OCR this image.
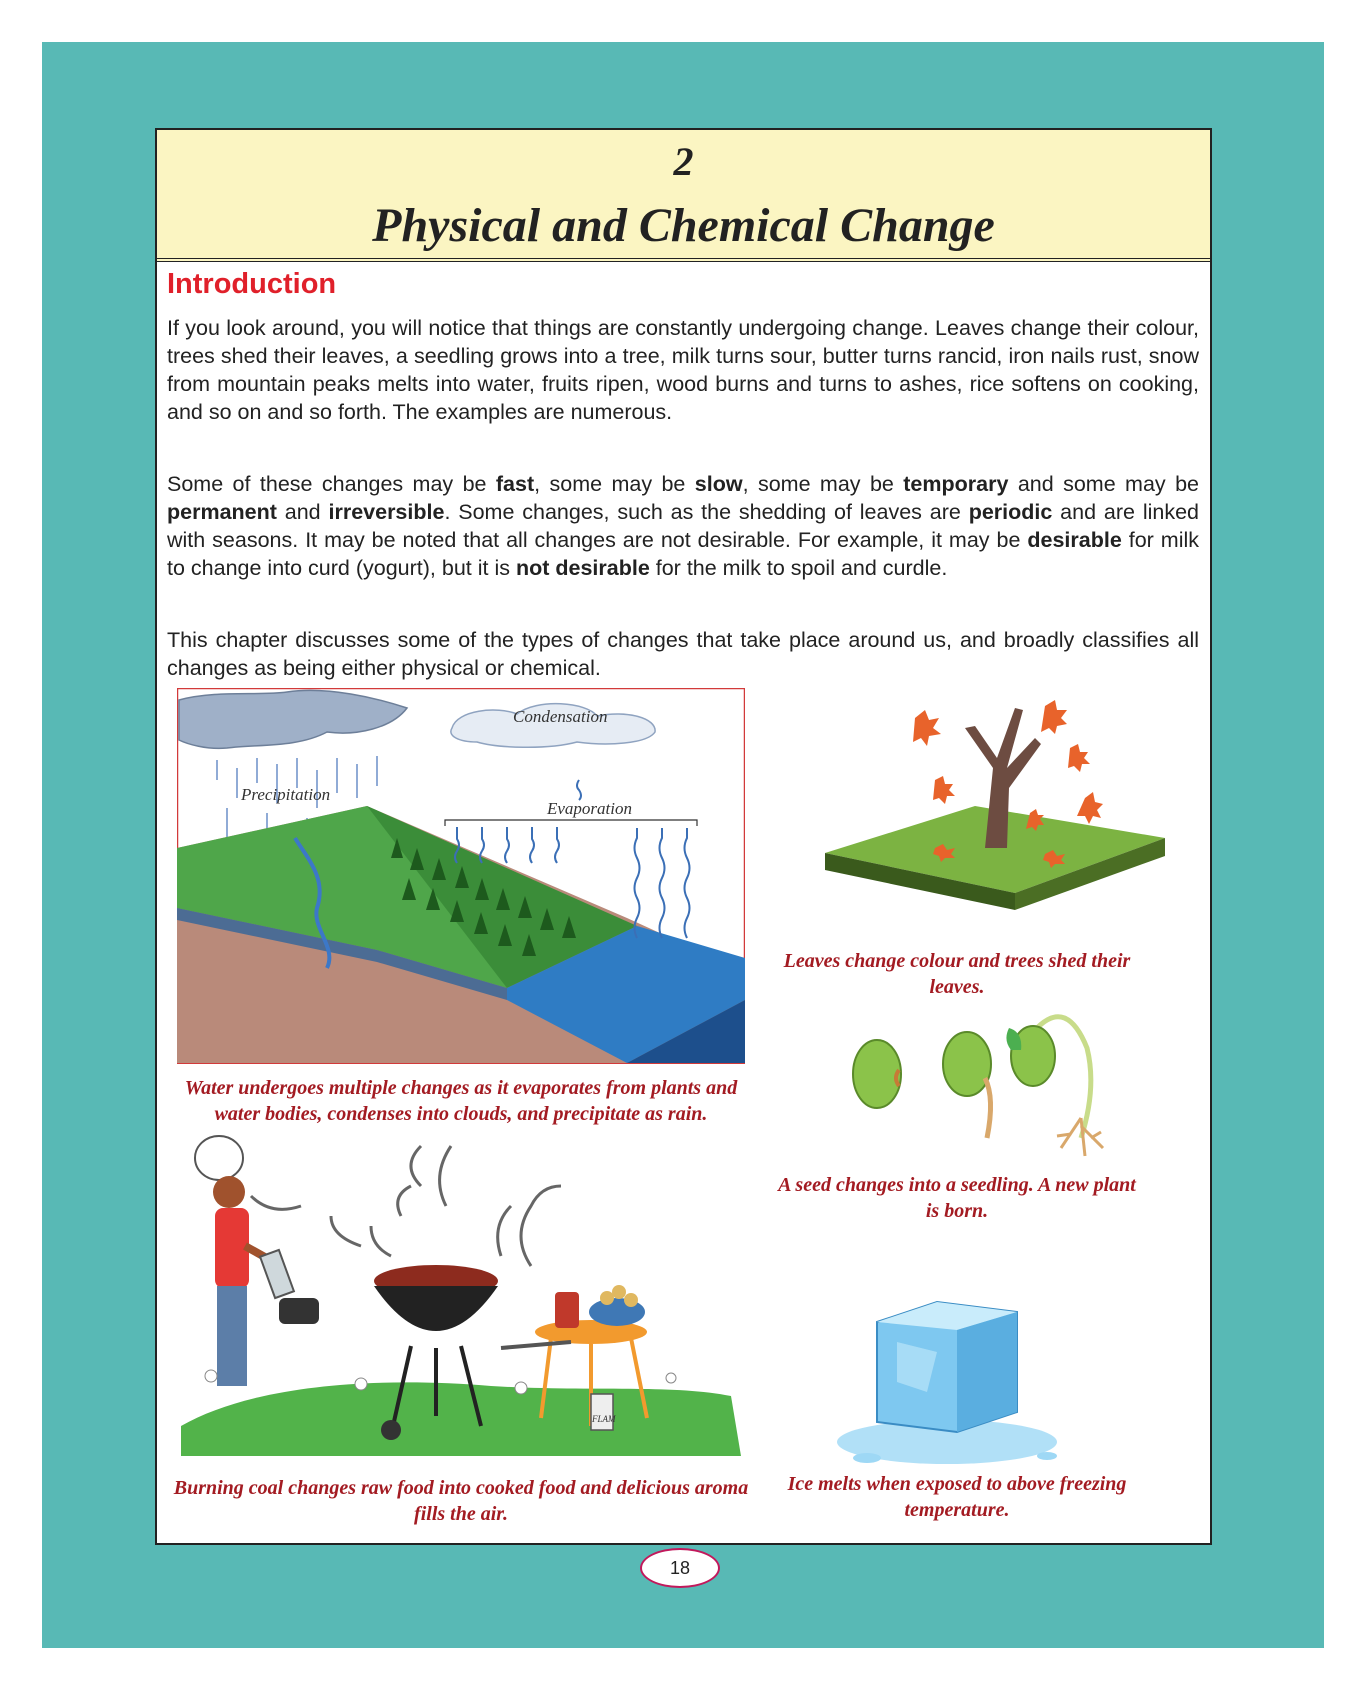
2
Physical and Chemical Change
Introduction
If you look around, you will notice that things are constantly undergoing change. Leaves change their colour, trees shed their leaves, a seedling grows into a tree, milk turns sour, butter turns rancid, iron nails rust, snow from mountain peaks melts into water, fruits ripen, wood burns and turns to ashes, rice softens on cooking, and so on and so forth. The examples are numerous.
Some of these changes may be fast, some may be slow, some may be temporary and some may be permanent and irreversible. Some changes, such as the shedding of leaves are periodic and are linked with seasons. It may be noted that all changes are not desirable. For example, it may be desirable for milk to change into curd (yogurt), but it is not desirable for the milk to spoil and curdle.
This chapter discusses some of the types of changes that take place around us, and broadly classifies all changes as being either physical or chemical.
Condensation
Precipitation
Evaporation
Water undergoes multiple changes as it evaporates from plants and water bodies, condenses into clouds, and precipitate as rain.
Leaves change colour and trees shed their leaves.
A seed changes into a seedling. A new plant is born.
FLAM
Burning coal changes raw food into cooked food and delicious aroma fills the air.
Ice melts when exposed to above freezing temperature.
18
